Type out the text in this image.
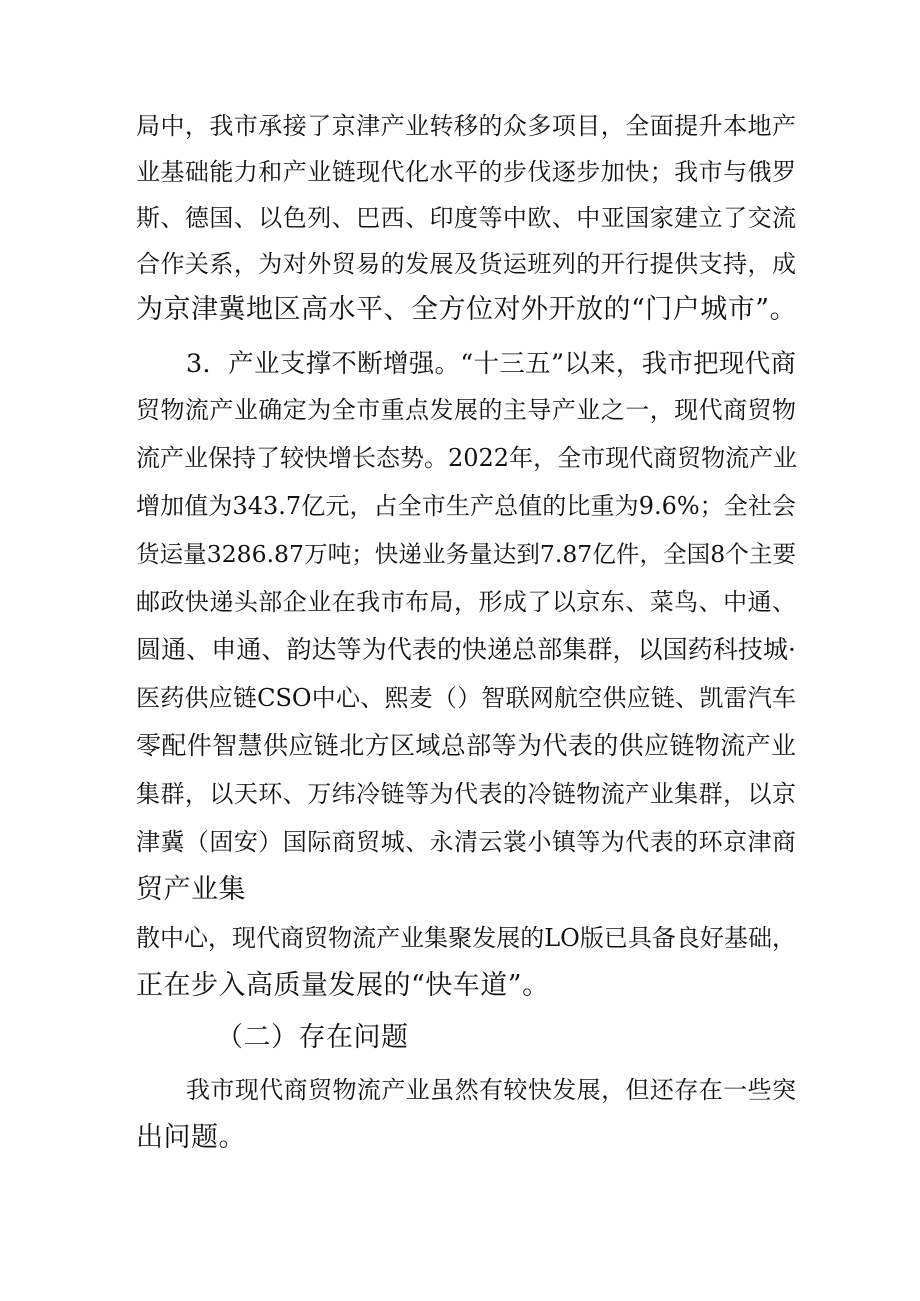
局中，我市承接了京津产业转移的众多项目，全面提升本地产
业基础能力和产业链现代化水平的步伐逐步加快；我市与俄罗
斯、德国、以色列、巴西、印度等中欧、中亚国家建立了交流
合作关系，为对外贸易的发展及货运班列的开行提供支持，成
为京津冀地区高水平、全方位对外开放的“门户城市”。
3．产业支撑不断增强。“十三五”以来，我市把现代商
贸物流产业确定为全市重点发展的主导产业之一，现代商贸物
流产业保持了较快增长态势。2022年，全市现代商贸物流产业
增加值为343.7亿元，占全市生产总值的比重为9.6%；全社会
货运量3286.87万吨；快递业务量达到7.87亿件，全国8个主要
邮政快递头部企业在我市布局，形成了以京东、菜鸟、中通、
圆通、申通、韵达等为代表的快递总部集群，以国药科技城·
医药供应链CSO中心、熙麦（）智联网航空供应链、凯雷汽车
零配件智慧供应链北方区域总部等为代表的供应链物流产业
集群，以天环、万纬冷链等为代表的冷链物流产业集群，以京
津冀（固安）国际商贸城、永清云裳小镇等为代表的环京津商
贸产业集
散中心，现代商贸物流产业集聚发展的LO版已具备良好基础，
正在步入高质量发展的“快车道”。
（二）存在问题
我市现代商贸物流产业虽然有较快发展，但还存在一些突
出问题。
